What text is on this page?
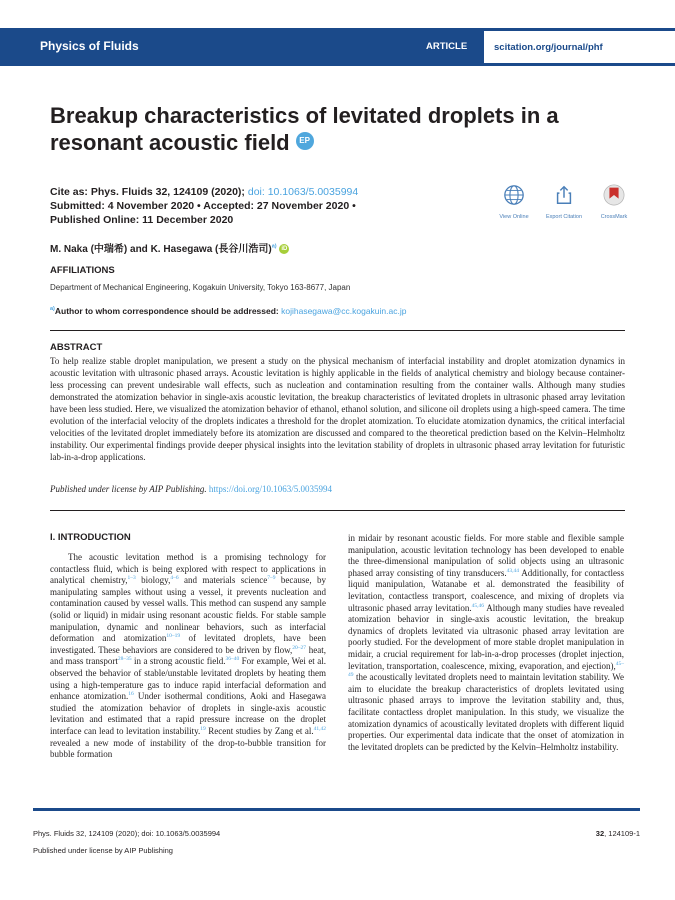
Physics of Fluids	ARTICLE	scitation.org/journal/phf
Breakup characteristics of levitated droplets in a resonant acoustic field EP
Cite as: Phys. Fluids 32, 124109 (2020); doi: 10.1063/5.0035994
Submitted: 4 November 2020 • Accepted: 27 November 2020 •
Published Online: 11 December 2020	View Online	Export Citation	CrossMark
M. Naka (中瑞希) and K. Hasegawa (長谷川浩司)$^{a)}$ iD
AFFILIATIONS
Department of Mechanical Engineering, Kogakuin University, Tokyo 163-8677, Japan
$^{a)}$Author to whom correspondence should be addressed: kojihasegawa@cc.kogakuin.ac.jp
ABSTRACT

To help realize stable droplet manipulation, we present a study on the physical mechanism of interfacial instability and droplet atomization dynamics in acoustic levitation with ultrasonic phased arrays. Acoustic levitation is highly applicable in the fields of analytical chemistry and biology because container-less processing can prevent undesirable wall effects, such as nucleation and contamination resulting from the container walls. Although many studies demonstrated the atomization behavior in single-axis acoustic levitation, the breakup characteristics of levitated droplets in ultrasonic phased array levitation have been less studied. Here, we visualized the atomization behavior of ethanol, ethanol solution, and silicone oil droplets using a high-speed camera. The time evolution of the interfacial velocity of the droplets indicates a threshold for the droplet atomization. To elucidate atomization dynamics, the critical interfacial velocities of the levitated droplet immediately before its atomization are discussed and compared to the theoretical prediction based on the Kelvin–Helmholtz instability. Our experimental findings provide deeper physical insights into the levitation stability of droplets in ultrasonic phased array levitation for futuristic lab-in-a-drop applications.

Published under license by AIP Publishing. https://doi.org/10.1063/5.0035994
I. INTRODUCTION

The acoustic levitation method is a promising technology for contactless fluid, which is being explored with respect to applications in analytical chemistry,$^{1-3}$ biology,$^{4-6}$ and materials science$^{7-9}$ because, by manipulating samples without using a vessel, it prevents nucleation and contamination caused by vessel walls. This method can suspend any sample (solid or liquid) in midair using resonant acoustic fields. For stable sample manipulation, dynamic and nonlinear behaviors, such as interfacial deformation and atomization$^{10-19}$ of levitated droplets, have been investigated. These behaviors are considered to be driven by flow,$^{20-27}$ heat, and mass transport$^{28-35}$ in a strong acoustic field.$^{36-40}$ For example, Wei et al. observed the behavior of stable/unstable levitated droplets by heating them using a high-temperature gas to induce rapid interfacial deformation and enhance atomization.$^{16}$ Under isothermal conditions, Aoki and Hasegawa studied the atomization behavior of droplets in single-axis acoustic levitation and estimated that a rapid pressure increase on the droplet interface can lead to levitation instability.$^{19}$ Recent studies by Zang et al.$^{41,42}$ revealed a new mode of instability of the drop-to-bubble transition for bubble formation

in midair by resonant acoustic fields. For more stable and flexible sample manipulation, acoustic levitation technology has been developed to enable the three-dimensional manipulation of solid objects using an ultrasonic phased array consisting of tiny transducers.$^{43,44}$ Additionally, for contactless liquid manipulation, Watanabe et al. demonstrated the feasibility of levitation, contactless transport, coalescence, and mixing of droplets via ultrasonic phased array levitation.$^{45,46}$ Although many studies have revealed atomization behavior in single-axis acoustic levitation, the breakup dynamics of droplets levitated via ultrasonic phased array levitation are poorly studied. For the development of more stable droplet manipulation in midair, a crucial requirement for lab-in-a-drop processes (droplet injection, levitation, transportation, coalescence, mixing, evaporation, and ejection),$^{45-49}$ the acoustically levitated droplets need to maintain levitation stability. We aim to elucidate the breakup characteristics of droplets levitated using ultrasonic phased arrays to improve the levitation stability and, thus, facilitate contactless droplet manipulation. In this study, we visualize the atomization dynamics of acoustically levitated droplets with different liquid properties. Our experimental data indicate that the onset of atomization in the levitated droplets can be predicted by the Kelvin–Helmholtz instability.

Phys. Fluids 32, 124109 (2020); doi: 10.1063/5.0035994	32, 124109-1
Published under license by AIP Publishing
